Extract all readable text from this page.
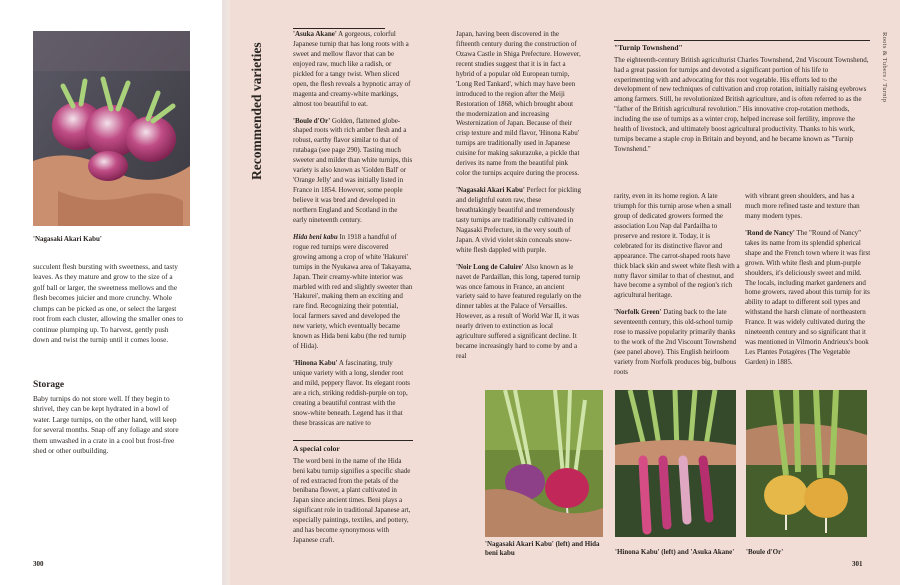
'Nagasaki Akari Kabu'

succulent flesh bursting with sweetness, and tasty leaves. As they mature and grow to the size of a golf ball or larger, the sweetness mellows and the flesh becomes juicier and more crunchy. Whole clumps can be picked as one, or select the largest root from each cluster, allowing the smaller ones to continue plumping up. To harvest, gently push down and twist the turnip until it comes loose.

Storage

Baby turnips do not store well. If they begin to shrivel, they can be kept hydrated in a bowl of water. Large turnips, on the other hand, will keep for several months. Snap off any foliage and store them unwashed in a crate in a cool but frost-free shed or other outbuilding.

300
Recommended varieties	Roots & Tubers / Turnip

'Asuka Akane' A gorgeous, colorful Japanese turnip that has long roots with a sweet and mellow flavor that can be enjoyed raw, much like a radish, or pickled for a tangy twist. When sliced open, the flesh reveals a hypnotic array of magenta and creamy-white markings, almost too beautiful to eat.

'Boule d'Or' Golden, flattened globe-shaped roots with rich amber flesh and a robust, earthy flavor similar to that of rutabaga (see page 290). Tasting much sweeter and milder than white turnips, this variety is also known as 'Golden Ball' or 'Orange Jelly' and was initially listed in France in 1854. However, some people believe it was bred and developed in northern England and Scotland in the early nineteenth century.

Hida beni kabu In 1918 a handful of rogue red turnips were discovered growing among a crop of white 'Hakurei' turnips in the Nyukawa area of Takayama, Japan. Their creamy-white interior was marbled with red and slightly sweeter than 'Hakurei', making them an exciting and rare find. Recognizing their potential, local farmers saved and developed the new variety, which eventually became known as Hida beni kabu (the red turnip of Hida).

'Hinona Kabu' A fascinating, truly unique variety with a long, slender root and mild, peppery flavor. Its elegant roots are a rich, striking reddish-purple on top, creating a beautiful contrast with the snow-white beneath. Legend has it that these brassicas are native to

A special color
The word beni in the name of the Hida beni kabu turnip signifies a specific shade of red extracted from the petals of the benibana flower, a plant cultivated in Japan since ancient times. Beni plays a significant role in traditional Japanese art, especially paintings, textiles, and pottery, and has become synonymous with Japanese craft.

Japan, having been discovered in the fifteenth century during the construction of Ozawa Castle in Shiga Prefecture. However, recent studies suggest that it is in fact a hybrid of a popular old European turnip, 'Long Red Tankard', which may have been introduced to the region after the Meiji Restoration of 1868, which brought about the modernization and increasing Westernization of Japan. Because of their crisp texture and mild flavor, 'Hinona Kabu' turnips are traditionally used in Japanese cuisine for making sakurazuke, a pickle that derives its name from the beautiful pink color the turnips acquire during the process.

'Nagasaki Akari Kabu' Perfect for pickling and delightful eaten raw, these breathtakingly beautiful and tremendously tasty turnips are traditionally cultivated in Nagasaki Prefecture, in the very south of Japan. A vivid violet skin conceals snow-white flesh dappled with purple.

'Noir Long de Caluire' Also known as le navet de Pardaillan, this long, tapered turnip was once famous in France, an ancient variety said to have featured regularly on the dinner tables at the Palace of Versailles. However, as a result of World War II, it was nearly driven to extinction as local agriculture suffered a significant decline. It became increasingly hard to come by and a real

"Turnip Townshend"
The eighteenth-century British agriculturist Charles Townshend, 2nd Viscount Townshend, had a great passion for turnips and devoted a significant portion of his life to experimenting with and advocating for this root vegetable. His efforts led to the development of new techniques of cultivation and crop rotation, initially raising eyebrows among farmers. Still, he revolutionized British agriculture, and is often referred to as the "father of the British agricultural revolution." His innovative crop-rotation methods, including the use of turnips as a winter crop, helped increase soil fertility, improve the health of livestock, and ultimately boost agricultural productivity. Thanks to his work, turnips became a staple crop in Britain and beyond, and he became known as "Turnip Townshend."

rarity, even in its home region. A late triumph for this turnip arose when a small group of dedicated growers formed the association Lou Nap dal Pardailha to preserve and restore it. Today, it is celebrated for its distinctive flavor and appearance. The carrot-shaped roots have thick black skin and sweet white flesh with a nutty flavor similar to that of chestnut, and have become a symbol of the region's rich agricultural heritage.

'Norfolk Green' Dating back to the late seventeenth century, this old-school turnip rose to massive popularity primarily thanks to the work of the 2nd Viscount Townshend (see panel above). This English heirloom variety from Norfolk produces big, bulbous roots

with vibrant green shoulders, and has a much more refined taste and texture than many modern types.

'Rond de Nancy' The "Round of Nancy" takes its name from its splendid spherical shape and the French town where it was first grown. With white flesh and plum-purple shoulders, it's deliciously sweet and mild. The locals, including market gardeners and home growers, raved about this turnip for its ability to adapt to different soil types and withstand the harsh climate of northeastern France. It was widely cultivated during the nineteenth century and so significant that it was mentioned in Vilmorin Andrieux's book Les Plantes Potagères (The Vegetable Garden) in 1885.

'Nagasaki Akari Kabu' (left) and Hida beni kabu	'Hinona Kabu' (left) and 'Asuka Akane'	'Boule d'Or'
301
